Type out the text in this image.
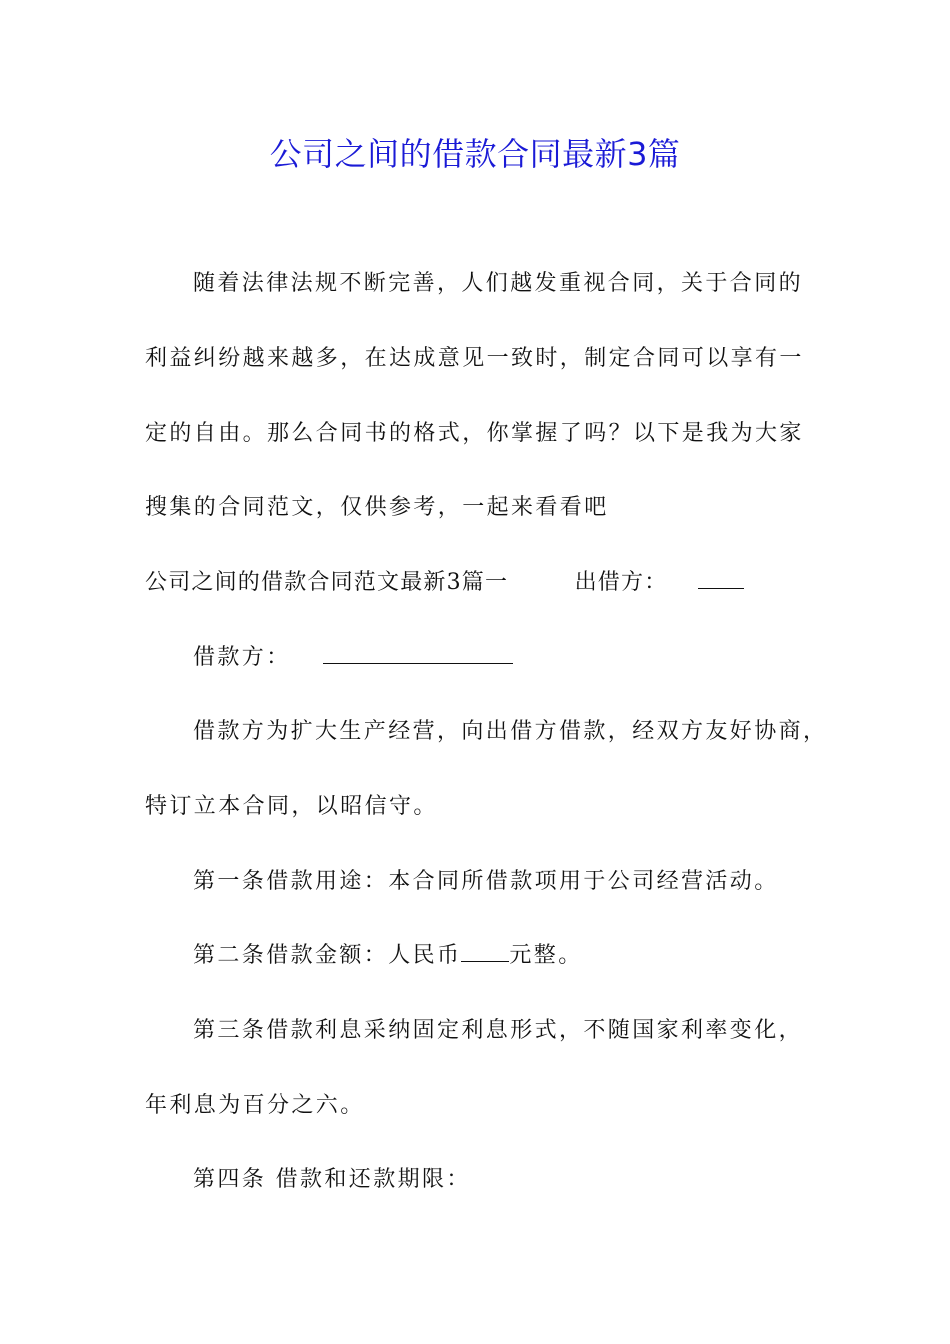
公司之间的借款合同最新3篇
随着法律法规不断完善，人们越发重视合同，关于合同的
利益纠纷越来越多，在达成意见一致时，制定合同可以享有一
定的自由。那么合同书的格式，你掌握了吗？以下是我为大家
搜集的合同范文，仅供参考，一起来看看吧
公司之间的借款合同范文最新3篇一	出借方：
借款方：
借款方为扩大生产经营，向出借方借款，经双方友好协商，
特订立本合同，以昭信守。
第一条借款用途：本合同所借款项用于公司经营活动。
第二条借款金额：人民币 元整。
第三条借款利息采纳固定利息形式，不随国家利率变化，
年利息为百分之六。
第四条 借款和还款期限：
